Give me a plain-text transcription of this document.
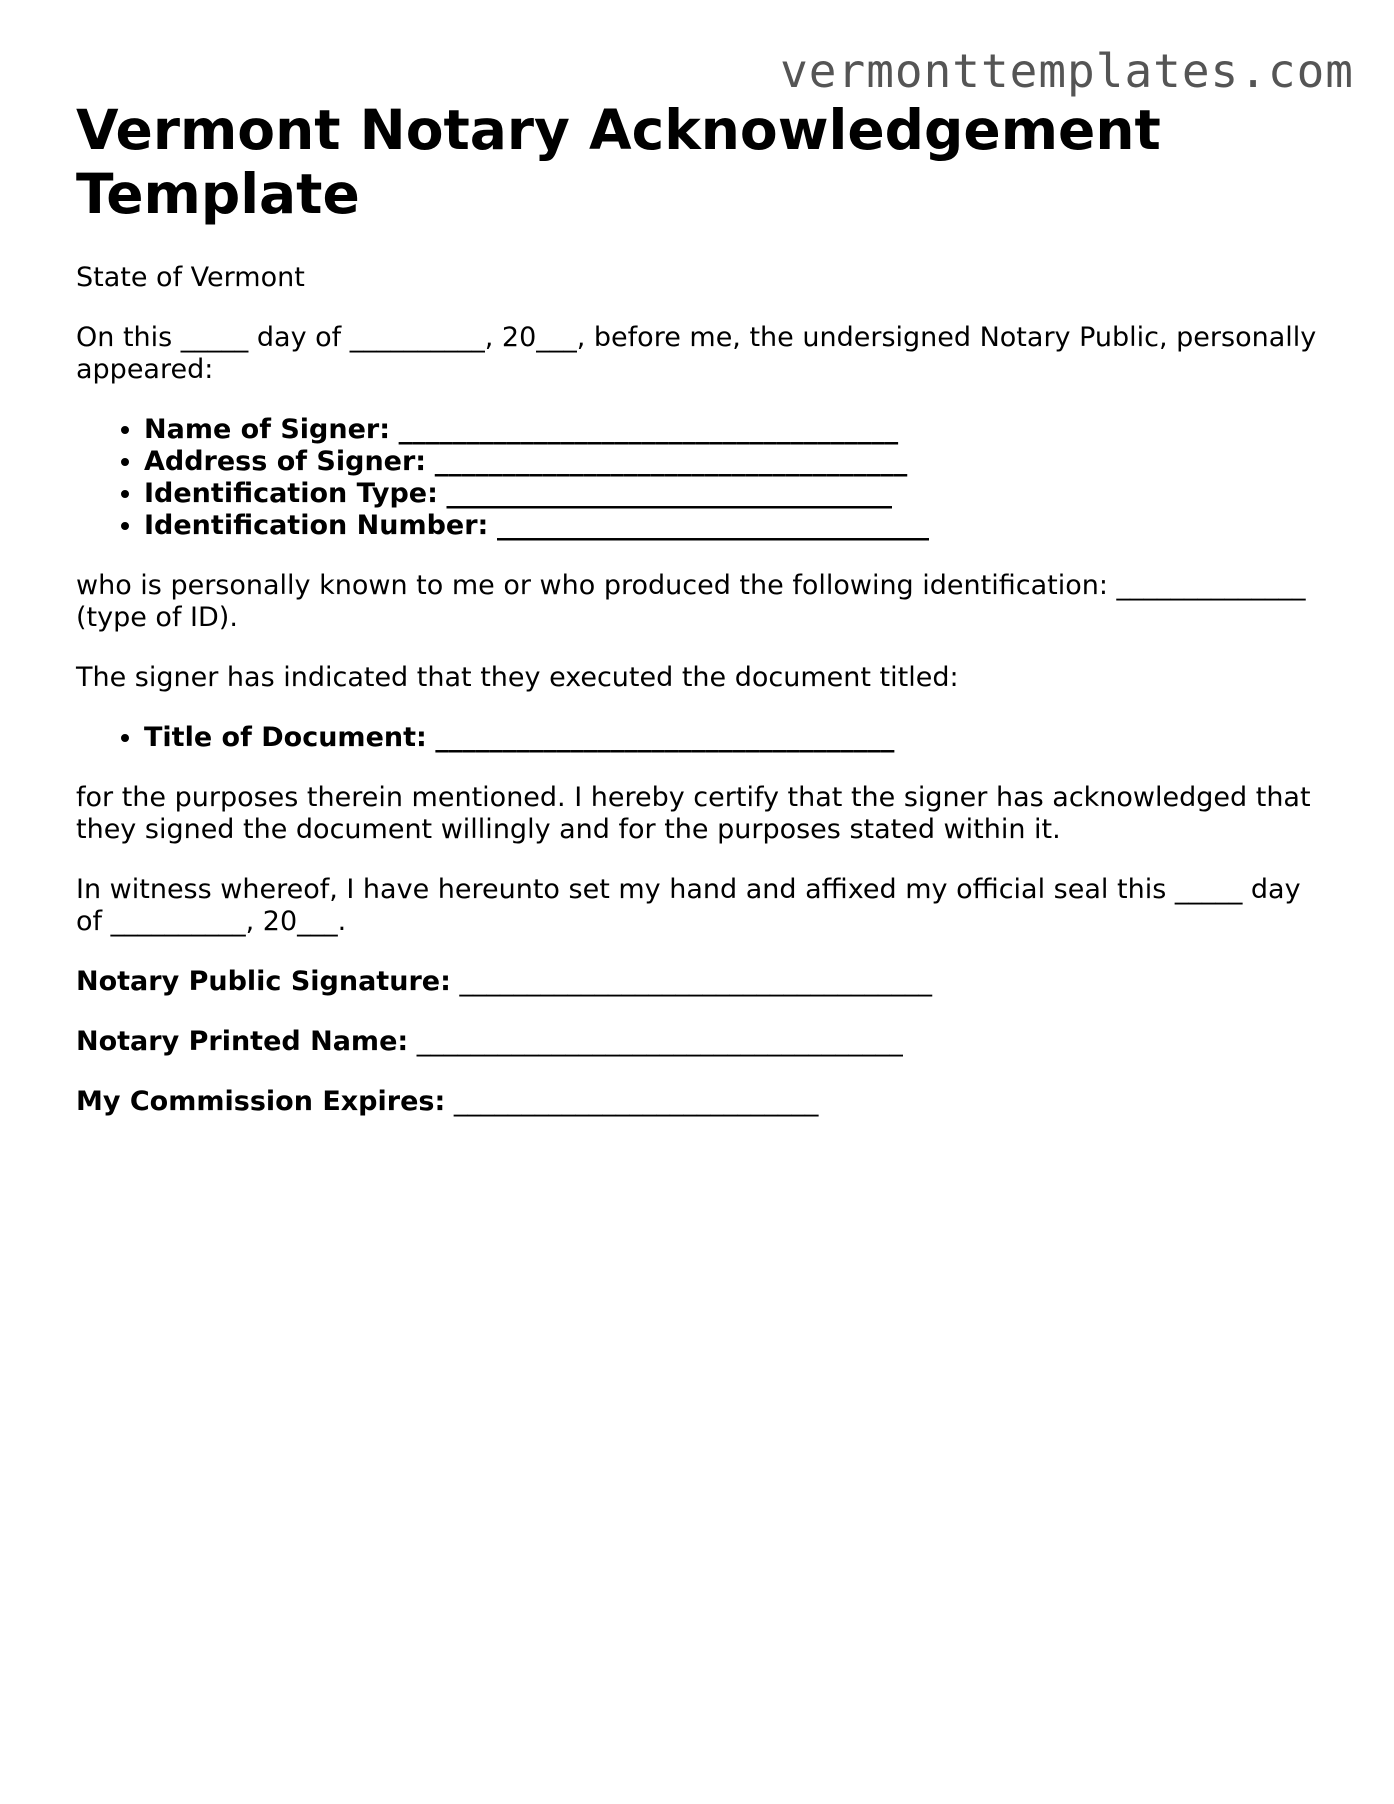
vermonttemplates.com
Vermont Notary Acknowledgement Template

State of Vermont

On this _____ day of __________, 20___, before me, the undersigned Notary Public, personally appeared:

• Name of Signer: _____________________________________
• Address of Signer: ___________________________________
• Identification Type: _________________________________
• Identification Number: ________________________________

who is personally known to me or who produced the following identification: ______________ (type of ID).

The signer has indicated that they executed the document titled:

• Title of Document: __________________________________

for the purposes therein mentioned. I hereby certify that the signer has acknowledged that they signed the document willingly and for the purposes stated within it.

In witness whereof, I have hereunto set my hand and affixed my official seal this _____ day of __________, 20___.

Notary Public Signature: ___________________________________
Notary Printed Name: ____________________________________
My Commission Expires: ___________________________
